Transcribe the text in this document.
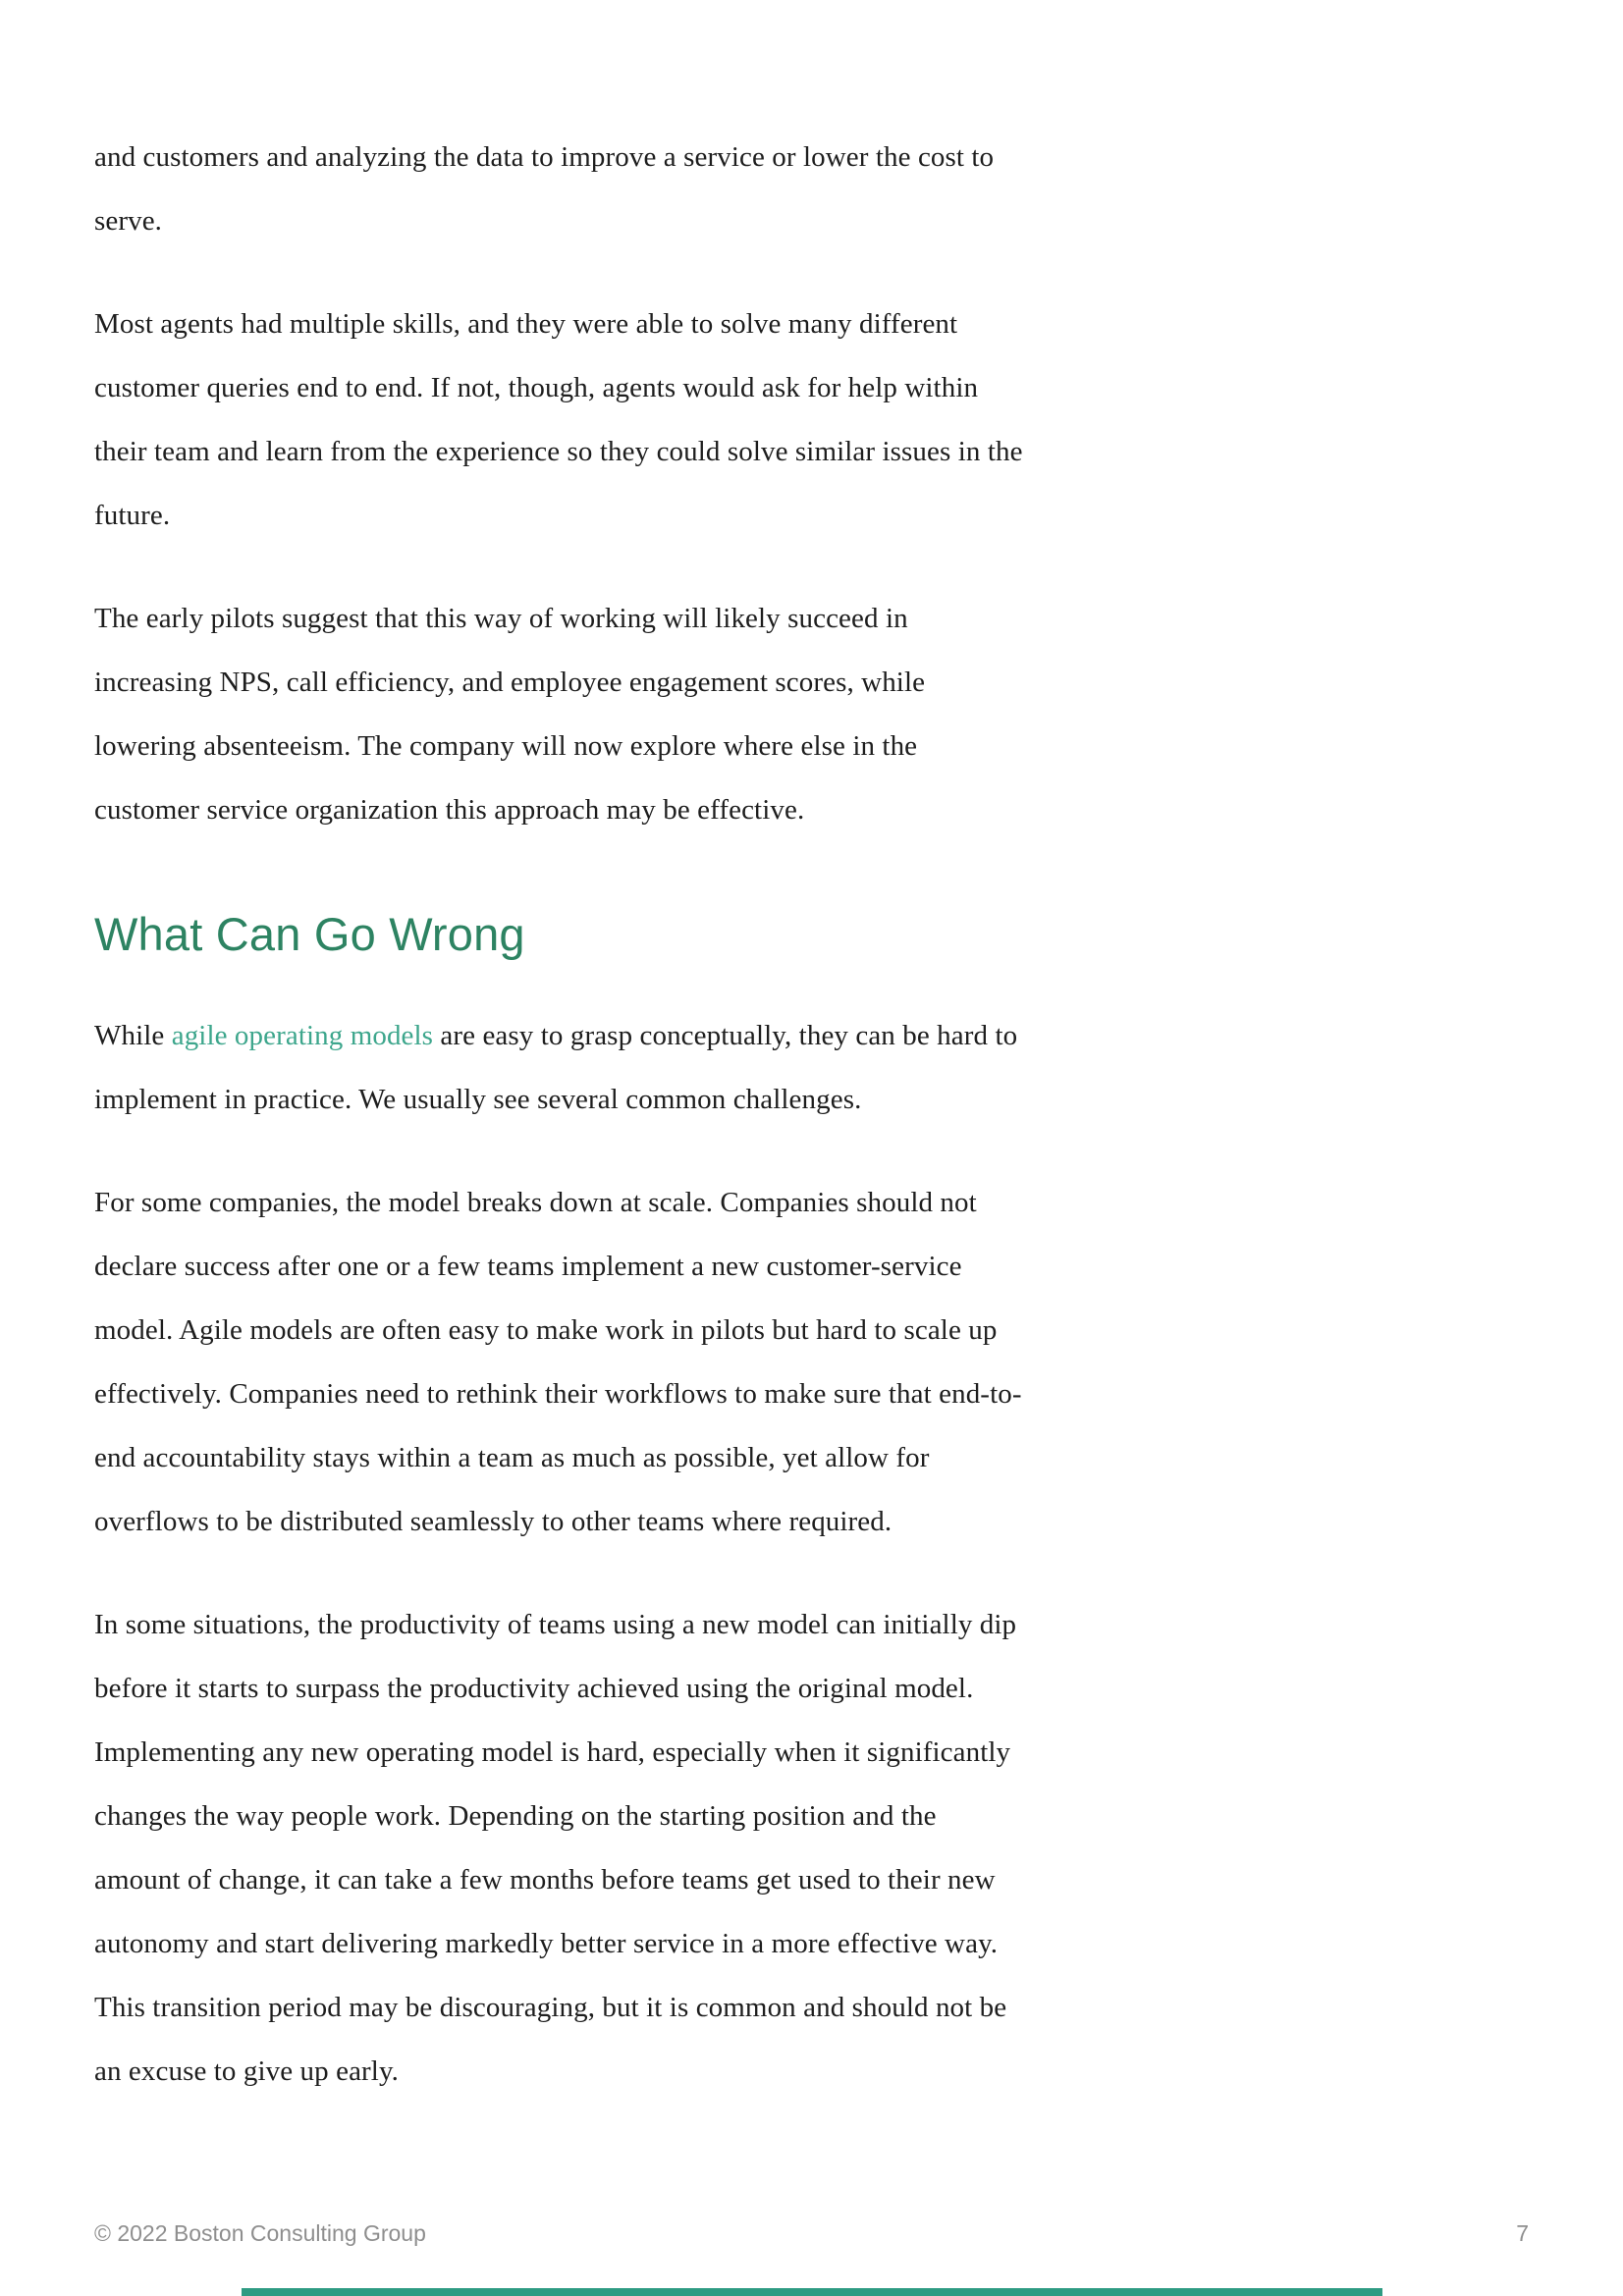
and customers and analyzing the data to improve a service or lower the cost to serve.

Most agents had multiple skills, and they were able to solve many different customer queries end to end. If not, though, agents would ask for help within their team and learn from the experience so they could solve similar issues in the future.

The early pilots suggest that this way of working will likely succeed in increasing NPS, call efficiency, and employee engagement scores, while lowering absenteeism. The company will now explore where else in the customer service organization this approach may be effective.

What Can Go Wrong

While agile operating models are easy to grasp conceptually, they can be hard to implement in practice. We usually see several common challenges.

For some companies, the model breaks down at scale. Companies should not declare success after one or a few teams implement a new customer-service model. Agile models are often easy to make work in pilots but hard to scale up effectively. Companies need to rethink their workflows to make sure that end-to-end accountability stays within a team as much as possible, yet allow for overflows to be distributed seamlessly to other teams where required.

In some situations, the productivity of teams using a new model can initially dip before it starts to surpass the productivity achieved using the original model. Implementing any new operating model is hard, especially when it significantly changes the way people work. Depending on the starting position and the amount of change, it can take a few months before teams get used to their new autonomy and start delivering markedly better service in a more effective way. This transition period may be discouraging, but it is common and should not be an excuse to give up early.

© 2022 Boston Consulting Group	7
